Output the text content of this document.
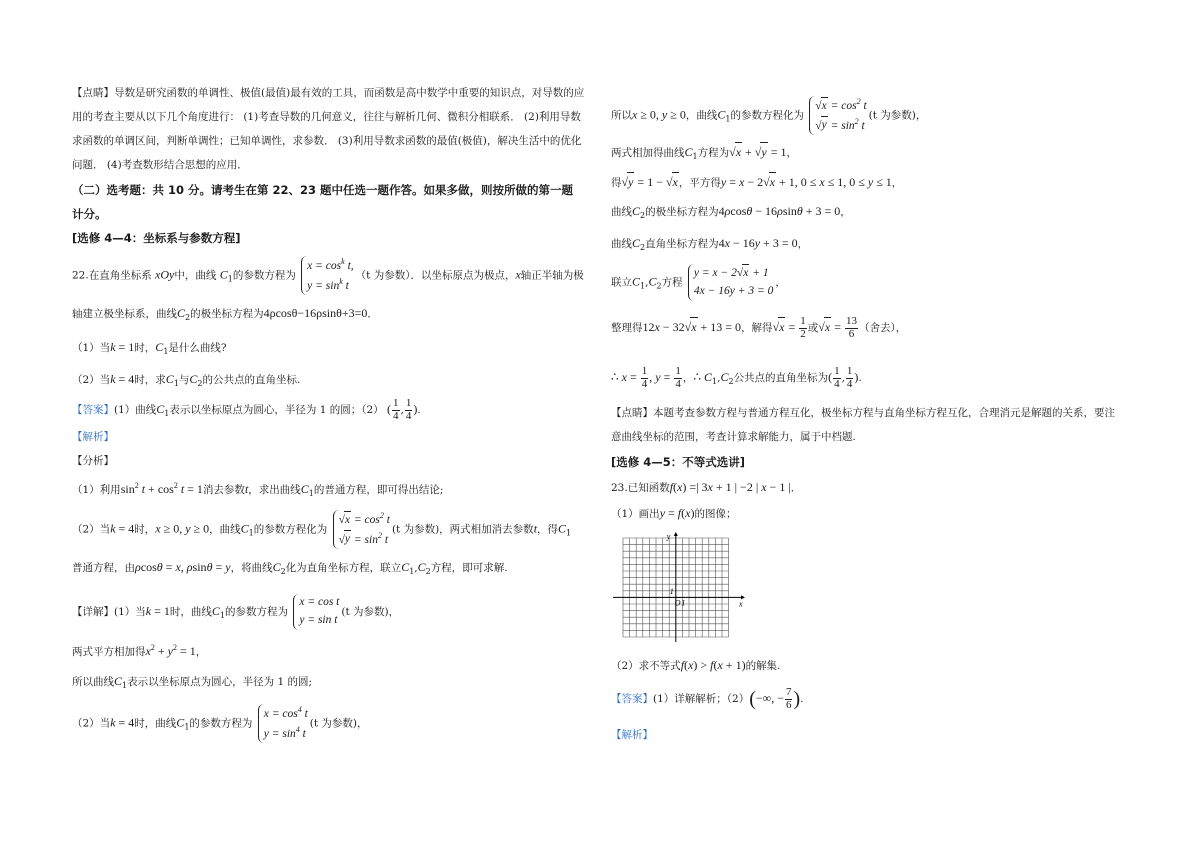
【点睛】导数是研究函数的单调性、极值(最值)最有效的工具，而函数是高中数学中重要的知识点，对导数的应
用的考查主要从以下几个角度进行： (1)考查导数的几何意义，往往与解析几何、微积分相联系． (2)利用导数
求函数的单调区间，判断单调性；已知单调性，求参数． (3)利用导数求函数的最值(极值)，解决生活中的优化
问题． (4)考查数形结合思想的应用．
（二）选考题：共 10 分。请考生在第 22、23 题中任选一题作答。如果多做，则按所做的第一题
计分。
[选修 4—4：坐标系与参数方程]
22.在直角坐标系 xOy中，曲线 $C_1$的参数方程为
$x = \cos^k t$,
$y = \sin^k t$
（t 为参数）．以坐标原点为极点，x轴正半轴为极
轴建立极坐标系，曲线$C_2$的极坐标方程为4ρcosθ−16ρsinθ+3=0．
（1）当k = 1时，$C_1$是什么曲线?
（2）当k = 4时，求$C_1$与$C_2$的公共点的直角坐标.
【答案】(1）曲线$C_1$表示以坐标原点为圆心，半径为 1 的圆；（2） ( $\frac{1}{4}$ , $\frac{1}{4}$ ).
【解析】
【分析】
（1）利用$\sin^2 t + \cos^2 t = 1$消去参数t，求出曲线$C_1$的普通方程，即可得出结论;
（2）当k = 4时，x ≥ 0, y ≥ 0，曲线$C_1$的参数方程化为
$√x = \cos^2 t$
$√y = \sin^2 t$
(t 为参数)，两式相加消去参数t，得$C_1$
普通方程，由ρcosθ = x, ρsinθ = y，将曲线$C_2$化为直角坐标方程，联立$C_1,C_2$方程，即可求解.
【详解】(1）当k = 1时，曲线$C_1$的参数方程为
x = cos t
y = sin t
(t 为参数)，
两式平方相加得$x^2 + y^2 = 1$，
所以曲线$C_1$表示以坐标原点为圆心，半径为 1 的圆;
（2）当k = 4时，曲线$C_1$的参数方程为
$x = \cos^4 t$
$y = \sin^4 t$
(t 为参数)，
所以x ≥ 0, y ≥ 0，曲线$C_1$的参数方程化为
$√x = \cos^2 t$
$√y = \sin^2 t$
(t 为参数)，
两式相加得曲线$C_1$方程为√x + √y = 1，
得√y = 1 − √x，平方得y = x − 2√x + 1, 0 ≤ x ≤ 1, 0 ≤ y ≤ 1，
曲线$C_2$的极坐标方程为4ρcosθ − 16ρsinθ + 3 = 0，
曲线$C_2$直角坐标方程为4x − 16y + 3 = 0，
联立$C_1,C_2$方程
y = x − 2√x + 1
4x − 16y + 3 = 0
，
整理得12x − 32√x + 13 = 0，解得$√x = \frac{1}{2}$ 或$√x = \frac{13}{6}$ （舍去），
∴ $x = \frac{1}{4}$ , $y = \frac{1}{4}$ ，∴ $C_1,C_2$公共点的直角坐标为( $\frac{1}{4}$ , $\frac{1}{4}$ ).
【点睛】本题考查参数方程与普通方程互化，极坐标方程与直角坐标方程互化，合理消元是解题的关系，要注
意曲线坐标的范围，考查计算求解能力，属于中档题.
[选修 4—5：不等式选讲]
23.已知函数f(x) =| 3x + 1 | −2 | x − 1 |．
（1）画出y = f(x)的图像；
x
y
O 1
1
（2）求不等式f(x) > f(x + 1)的解集.
【答案】(1）详解解析；（2）(−∞, − $\frac{7}{6}$ ).
【解析】
